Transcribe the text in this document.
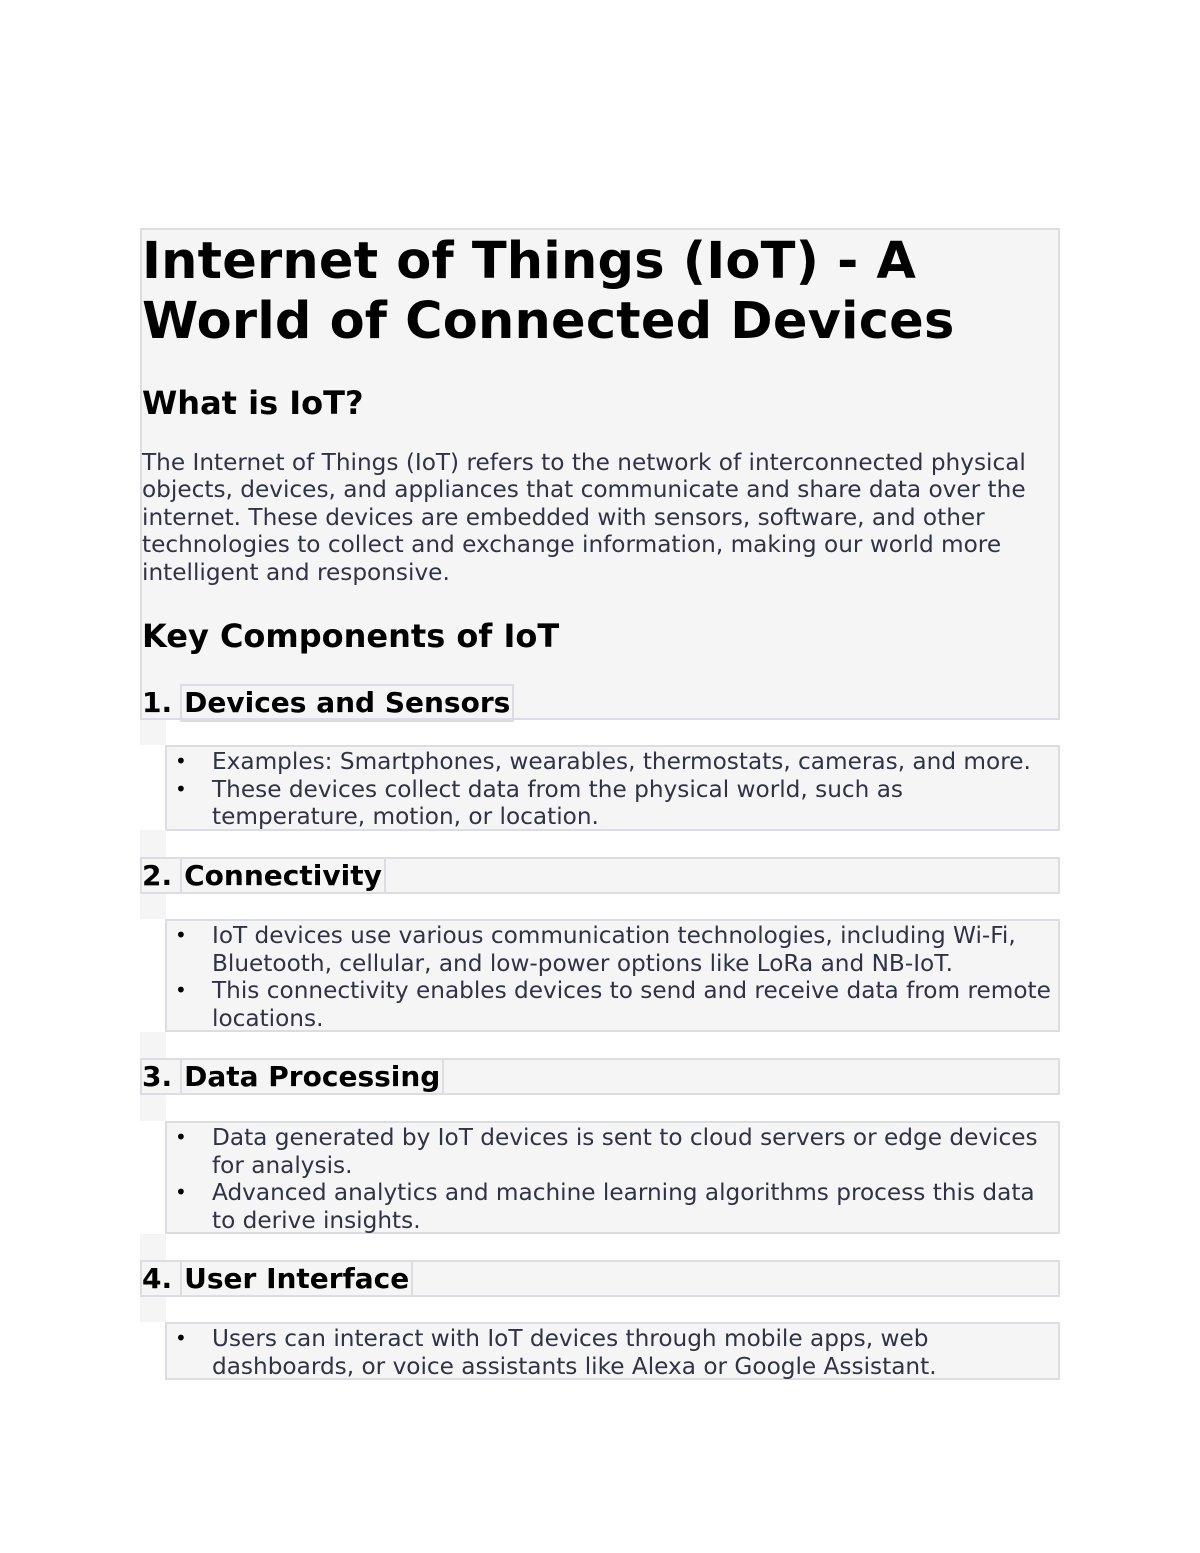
Internet of Things (IoT) - A World of Connected Devices
What is IoT?

The Internet of Things (IoT) refers to the network of interconnected physical objects, devices, and appliances that communicate and share data over the internet. These devices are embedded with sensors, software, and other technologies to collect and exchange information, making our world more intelligent and responsive.

Key Components of IoT
1. Devices and Sensors
• Examples: Smartphones, wearables, thermostats, cameras, and more.
• These devices collect data from the physical world, such as temperature, motion, or location.
2. Connectivity
• IoT devices use various communication technologies, including Wi-Fi, Bluetooth, cellular, and low-power options like LoRa and NB-IoT.
• This connectivity enables devices to send and receive data from remote locations.
3. Data Processing
• Data generated by IoT devices is sent to cloud servers or edge devices for analysis.
• Advanced analytics and machine learning algorithms process this data to derive insights.
4. User Interface
• Users can interact with IoT devices through mobile apps, web dashboards, or voice assistants like Alexa or Google Assistant.
